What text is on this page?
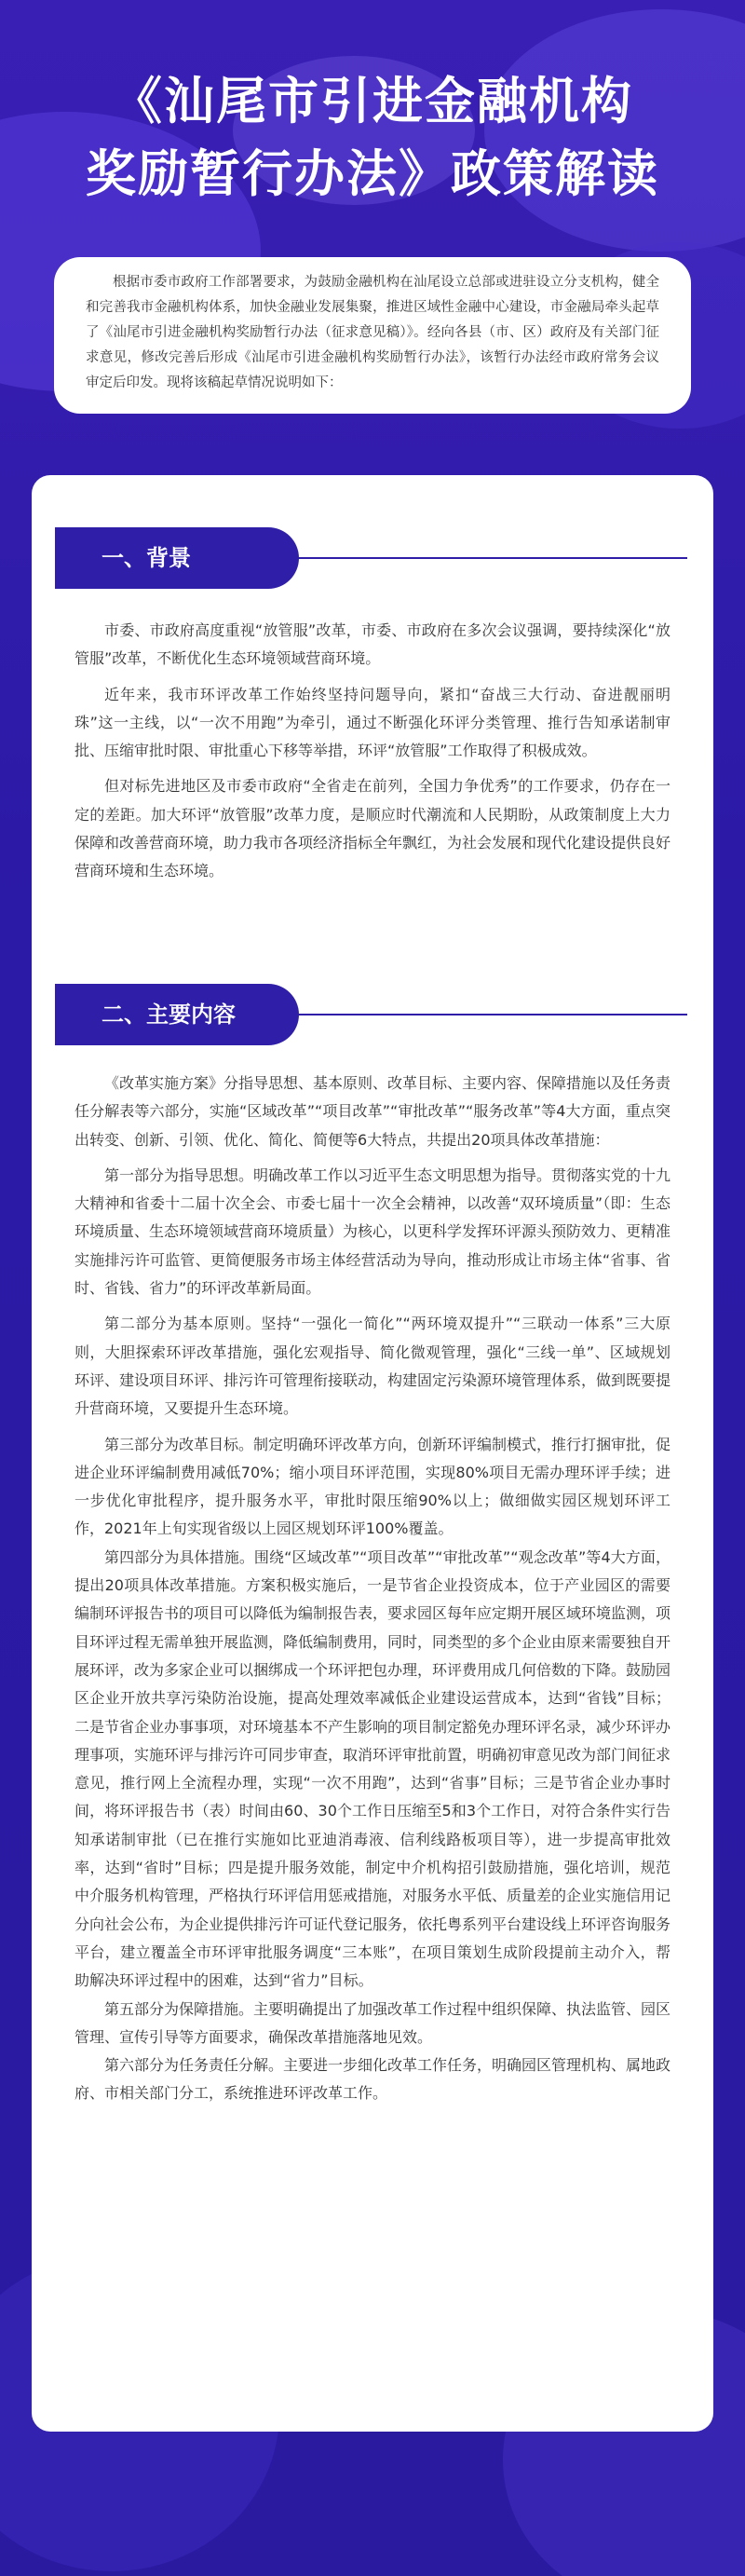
《汕尾市引进金融机构
奖励暂行办法》政策解读
根据市委市政府工作部署要求，为鼓励金融机构在汕尾设立总部或进驻设立分支机构，健全和完善我市金融机构体系，加快金融业发展集聚，推进区域性金融中心建设，市金融局牵头起草了《汕尾市引进金融机构奖励暂行办法（征求意见稿）》。经向各县（市、区）政府及有关部门征求意见，修改完善后形成《汕尾市引进金融机构奖励暂行办法》，该暂行办法经市政府常务会议审定后印发。现将该稿起草情况说明如下：
一、背景

市委、市政府高度重视“放管服”改革，市委、市政府在多次会议强调，要持续深化“放管服”改革，不断优化生态环境领域营商环境。

近年来，我市环评改革工作始终坚持问题导向，紧扣“奋战三大行动、奋进靓丽明珠”这一主线，以“一次不用跑”为牵引，通过不断强化环评分类管理、推行告知承诺制审批、压缩审批时限、审批重心下移等举措，环评“放管服”工作取得了积极成效。

但对标先进地区及市委市政府“全省走在前列，全国力争优秀”的工作要求，仍存在一定的差距。加大环评“放管服”改革力度，是顺应时代潮流和人民期盼，从政策制度上大力保障和改善营商环境，助力我市各项经济指标全年飘红，为社会发展和现代化建设提供良好营商环境和生态环境。

二、主要内容

《改革实施方案》分指导思想、基本原则、改革目标、主要内容、保障措施以及任务责任分解表等六部分，实施“区域改革”“项目改革”“审批改革”“服务改革”等4大方面，重点突出转变、创新、引领、优化、简化、简便等6大特点，共提出20项具体改革措施：

第一部分为指导思想。明确改革工作以习近平生态文明思想为指导。贯彻落实党的十九大精神和省委十二届十次全会、市委七届十一次全会精神，以改善“双环境质量”（即：生态环境质量、生态环境领域营商环境质量）为核心，以更科学发挥环评源头预防效力、更精准实施排污许可监管、更简便服务市场主体经营活动为导向，推动形成让市场主体“省事、省时、省钱、省力”的环评改革新局面。

第二部分为基本原则。坚持“一强化一简化”“两环境双提升”“三联动一体系”三大原则，大胆探索环评改革措施，强化宏观指导、简化微观管理，强化“三线一单”、区域规划环评、建设项目环评、排污许可管理衔接联动，构建固定污染源环境管理体系，做到既要提升营商环境，又要提升生态环境。

第三部分为改革目标。制定明确环评改革方向，创新环评编制模式，推行打捆审批，促进企业环评编制费用减低70%；缩小项目环评范围，实现80%项目无需办理环评手续；进一步优化审批程序，提升服务水平，审批时限压缩90%以上；做细做实园区规划环评工作，2021年上旬实现省级以上园区规划环评100%覆盖。

第四部分为具体措施。围绕“区域改革”“项目改革”“审批改革”“观念改革”等4大方面，提出20项具体改革措施。方案积极实施后，一是节省企业投资成本，位于产业园区的需要编制环评报告书的项目可以降低为编制报告表，要求园区每年应定期开展区域环境监测，项目环评过程无需单独开展监测，降低编制费用，同时，同类型的多个企业由原来需要独自开展环评，改为多家企业可以捆绑成一个环评把包办理，环评费用成几何倍数的下降。鼓励园区企业开放共享污染防治设施，提高处理效率减低企业建设运营成本，达到“省钱”目标；二是节省企业办事事项，对环境基本不产生影响的项目制定豁免办理环评名录，减少环评办理事项，实施环评与排污许可同步审查，取消环评审批前置，明确初审意见改为部门间征求意见，推行网上全流程办理，实现“一次不用跑”，达到“省事”目标；三是节省企业办事时间，将环评报告书（表）时间由60、30个工作日压缩至5和3个工作日，对符合条件实行告知承诺制审批（已在推行实施如比亚迪消毒液、信利线路板项目等），进一步提高审批效率，达到“省时”目标；四是提升服务效能，制定中介机构招引鼓励措施，强化培训，规范中介服务机构管理，严格执行环评信用惩戒措施，对服务水平低、质量差的企业实施信用记分向社会公布，为企业提供排污许可证代登记服务，依托粤系列平台建设线上环评咨询服务平台，建立覆盖全市环评审批服务调度“三本账”，在项目策划生成阶段提前主动介入，帮助解决环评过程中的困难，达到“省力”目标。

第五部分为保障措施。主要明确提出了加强改革工作过程中组织保障、执法监管、园区管理、宣传引导等方面要求，确保改革措施落地见效。

第六部分为任务责任分解。主要进一步细化改革工作任务，明确园区管理机构、属地政府、市相关部门分工，系统推进环评改革工作。
